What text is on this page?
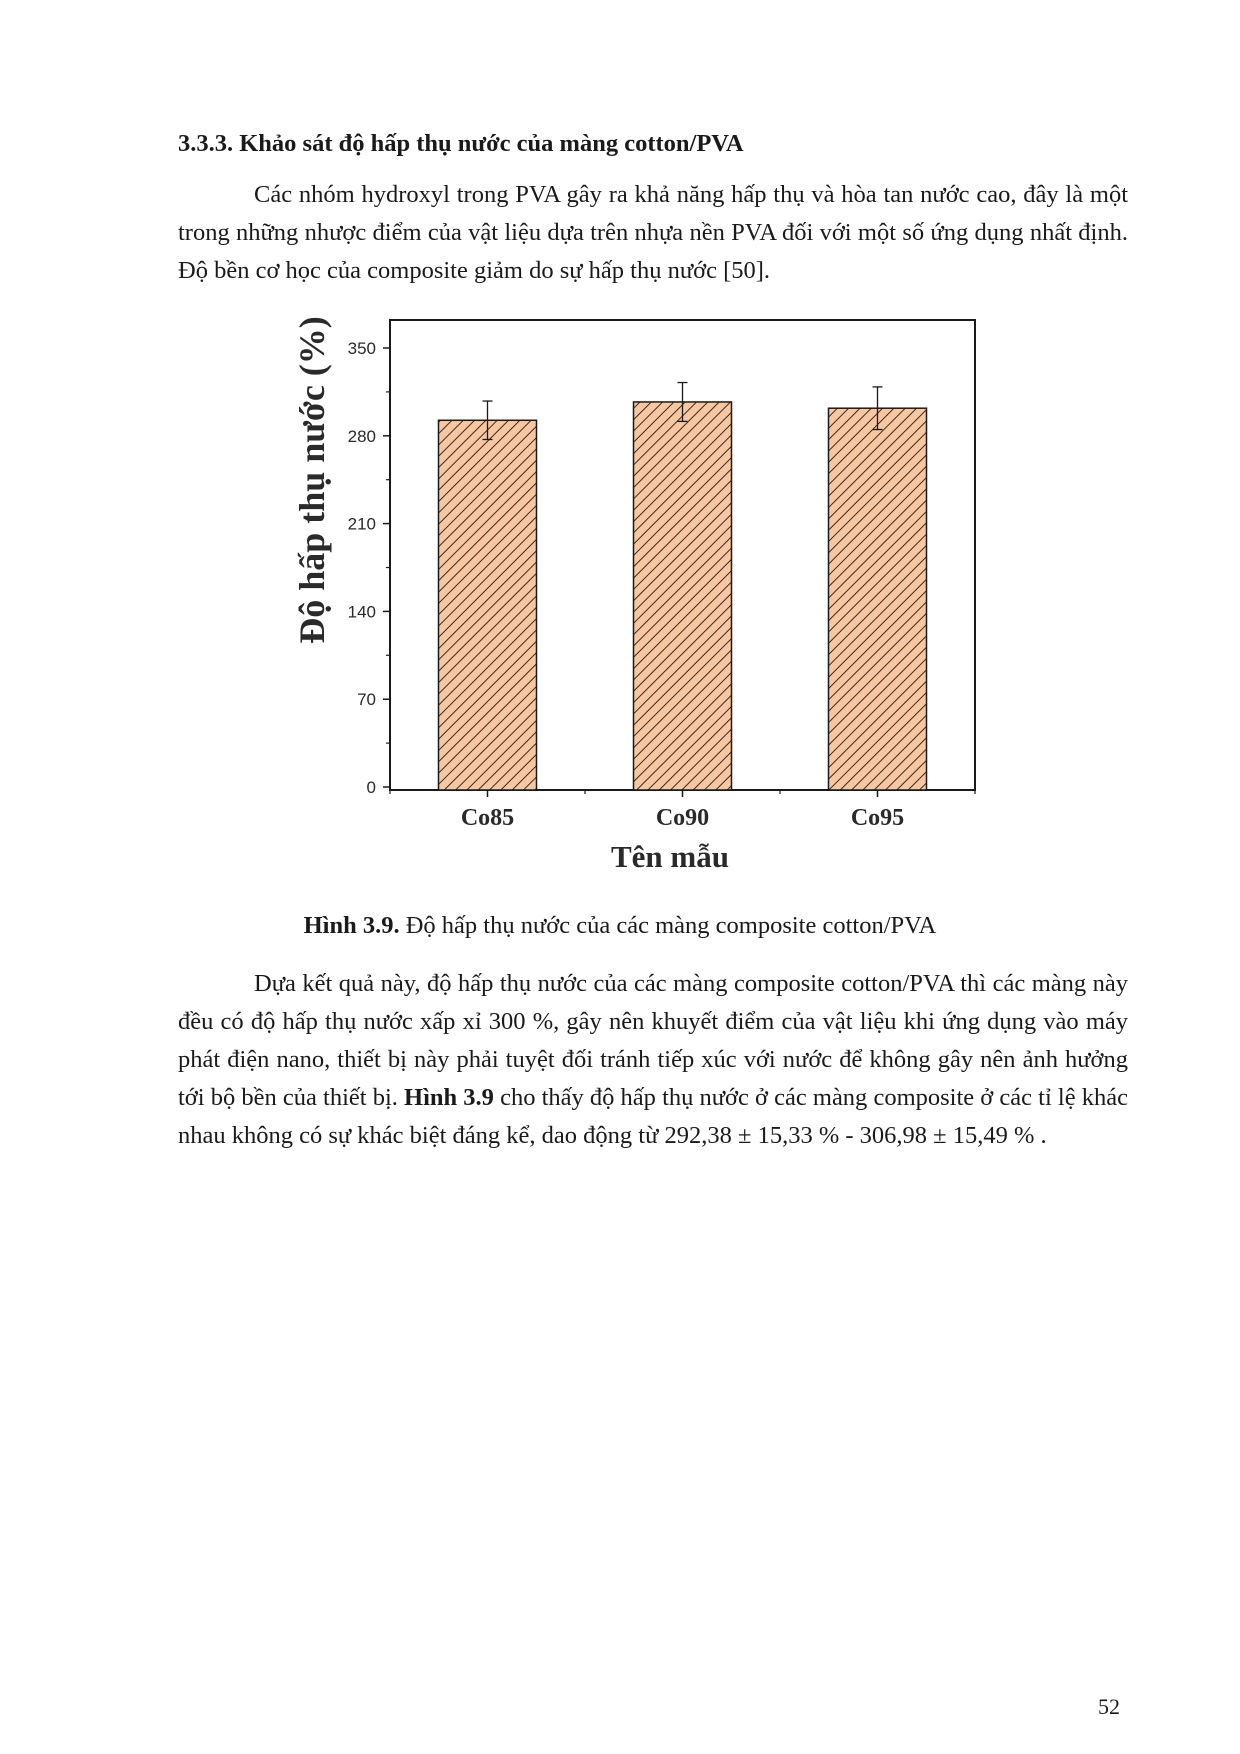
3.3.3. Khảo sát độ hấp thụ nước của màng cotton/PVA

Các nhóm hydroxyl trong PVA gây ra khả năng hấp thụ và hòa tan nước cao, đây là một trong những nhược điểm của vật liệu dựa trên nhựa nền PVA đối với một số ứng dụng nhất định. Độ bền cơ học của composite giảm do sự hấp thụ nước [50].

0
70
140
210
280
350
Co85	Co90	Co95
Độ hấp thụ nước (%)
Tên mẫu

Hình 3.9. Độ hấp thụ nước của các màng composite cotton/PVA

Dựa kết quả này, độ hấp thụ nước của các màng composite cotton/PVA thì các màng này đều có độ hấp thụ nước xấp xỉ 300 %, gây nên khuyết điểm của vật liệu khi ứng dụng vào máy phát điện nano, thiết bị này phải tuyệt đối tránh tiếp xúc với nước để không gây nên ảnh hưởng tới bộ bền của thiết bị. Hình 3.9 cho thấy độ hấp thụ nước ở các màng composite ở các tỉ lệ khác nhau không có sự khác biệt đáng kể, dao động từ 292,38 ± 15,33 % - 306,98 ± 15,49 % .

52
